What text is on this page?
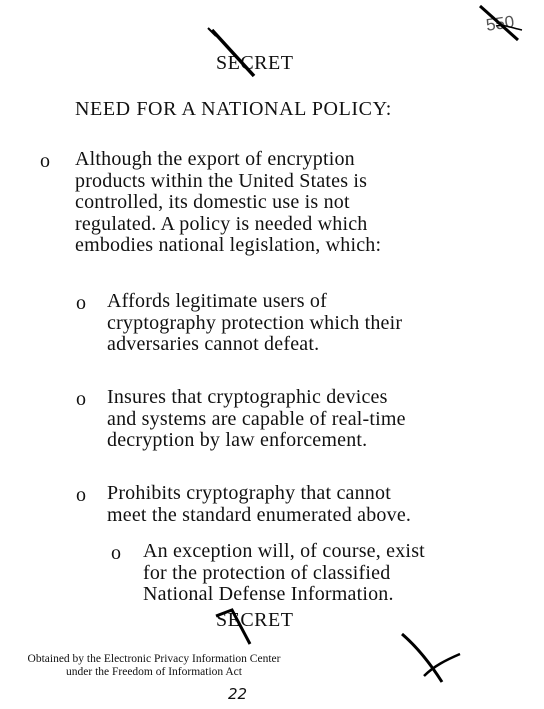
550
SECRET
NEED FOR A NATIONAL POLICY:
o Although the export of encryption
products within the United States is
controlled, its domestic use is not
regulated. A policy is needed which
embodies national legislation, which:
o Affords legitimate users of
cryptography protection which their
adversaries cannot defeat.
o Insures that cryptographic devices
and systems are capable of real-time
decryption by law enforcement.
o Prohibits cryptography that cannot
meet the standard enumerated above.
o An exception will, of course, exist
for the protection of classified
National Defense Information.
SECRET
Obtained by the Electronic Privacy Information Center
under the Freedom of Information Act
22
